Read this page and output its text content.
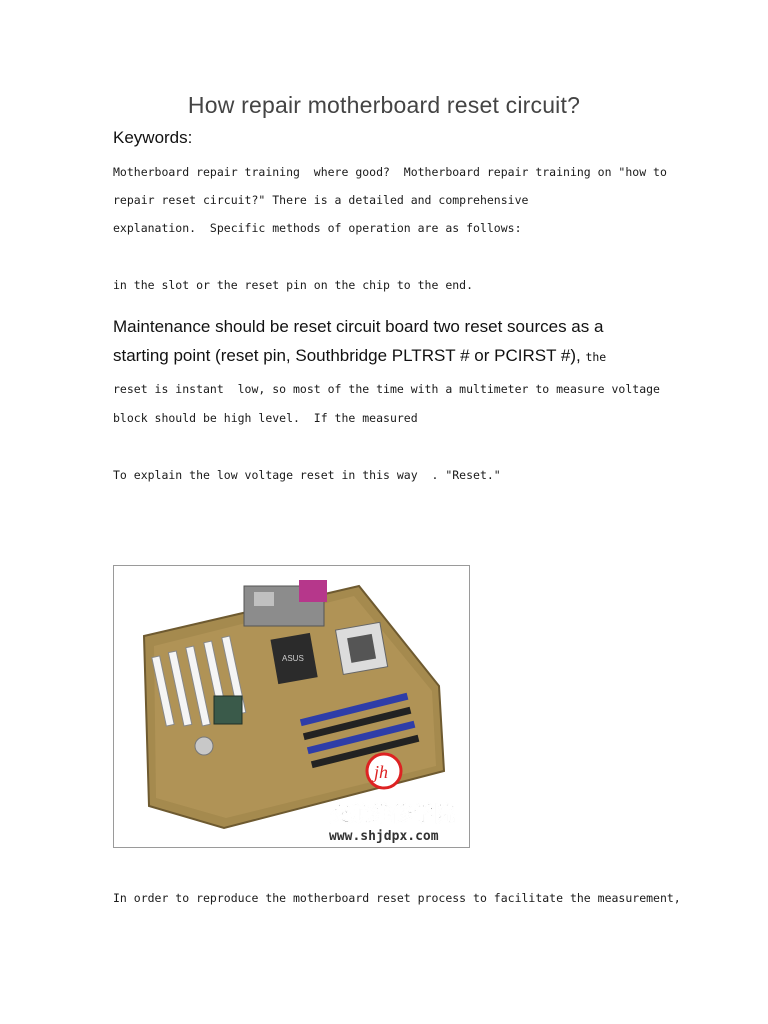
How repair motherboard reset circuit?
Keywords:
Motherboard repair training  where good?  Motherboard repair training on "how to
repair reset circuit?" There is a detailed and comprehensive
explanation.  Specific methods of operation are as follows:
in the slot or the reset pin on the chip to the end.
Maintenance should be reset circuit board two reset sources as a
starting point (reset pin, Southbridge PLTRST # or PCIRST #), the
reset is instant  low, so most of the time with a multimeter to measure voltage
block should be high level.  If the measured
To explain the low voltage reset in this way  . "Reset."
ASUS
jh
交航维修学院
www.shjdpx.com
In order to reproduce the motherboard reset process to facilitate the measurement,
